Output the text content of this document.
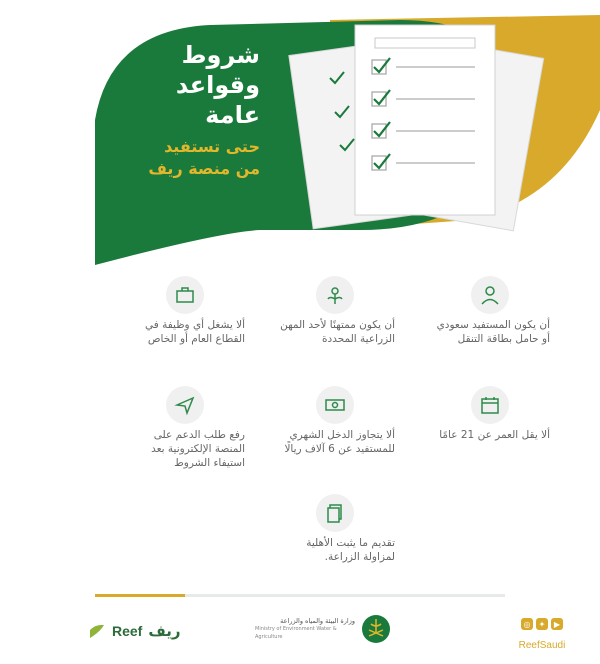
شروط
وقواعد
عامة
حتى تستفيد
من منصة ريف
أن يكون المستفيد سعودي أو حامل بطاقة التنقل
أن يكون ممتهنًا لأحد المهن الزراعية المحددة
ألا يشغل أي وظيفة في القطاع العام أو الخاص
ألا يقل العمر عن 21 عامًا
ألا يتجاوز الدخل الشهري للمستفيد عن 6 آلاف ريالًا
رفع طلب الدعم على المنصة الإلكترونية بعد استيفاء الشروط
تقديم ما يثبت الأهلية لمزاولة الزراعة.
Reef ريف
وزارة البيئة والمياه والزراعة
Ministry of Environment Water & Agriculture
◎	✦	▶
ReefSaudi
